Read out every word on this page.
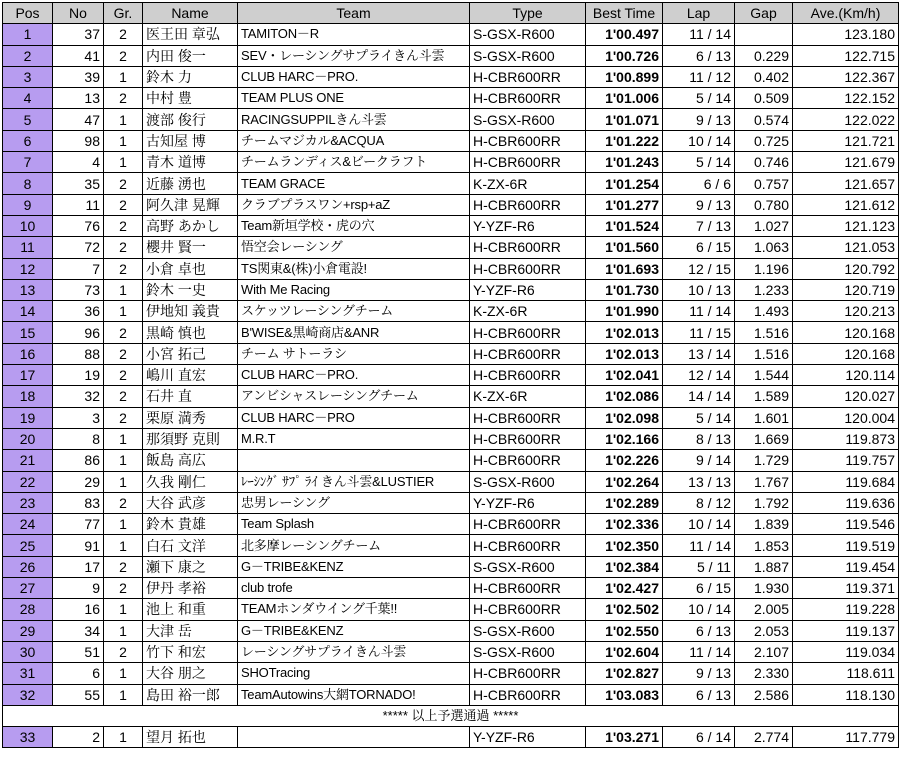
Pos	No	Gr.	Name	Team	Type	Best Time	Lap	Gap	Ave.(Km/h)
1	37	2	医王田 章弘	TAMITON－R	S-GSX-R600	1'00.497	11 / 14		123.180
2	41	2	内田 俊一	SEV・レーシングサプライきん斗雲	S-GSX-R600	1'00.726	6 / 13	0.229	122.715
3	39	1	鈴木 力	CLUB HARC－PRO.	H-CBR600RR	1'00.899	11 / 12	0.402	122.367
4	13	2	中村 豊	TEAM PLUS ONE	H-CBR600RR	1'01.006	5 / 14	0.509	122.152
5	47	1	渡部 俊行	RACINGSUPPILきん斗雲	S-GSX-R600	1'01.071	9 / 13	0.574	122.022
6	98	1	古知屋 博	チームマジカル&ACQUA	H-CBR600RR	1'01.222	10 / 14	0.725	121.721
7	4	1	青木 道博	チームランディス&ビークラフト	H-CBR600RR	1'01.243	5 / 14	0.746	121.679
8	35	2	近藤 湧也	TEAM GRACE	K-ZX-6R	1'01.254	6 / 6	0.757	121.657
9	11	2	阿久津 晃輝	クラブプラスワン+rsp+aZ	H-CBR600RR	1'01.277	9 / 13	0.780	121.612
10	76	2	高野 あかし	Team新垣学校・虎の穴	Y-YZF-R6	1'01.524	7 / 13	1.027	121.123
11	72	2	櫻井 賢一	悟空会レーシング	H-CBR600RR	1'01.560	6 / 15	1.063	121.053
12	7	2	小倉 卓也	TS関東&(株)小倉電設!	H-CBR600RR	1'01.693	12 / 15	1.196	120.792
13	73	1	鈴木 一史	With Me Racing	Y-YZF-R6	1'01.730	10 / 13	1.233	120.719
14	36	1	伊地知 義貴	スケッツレーシングチーム	K-ZX-6R	1'01.990	11 / 14	1.493	120.213
15	96	2	黒崎 慎也	B'WISE&黒崎商店&ANR	H-CBR600RR	1'02.013	11 / 15	1.516	120.168
16	88	2	小宮 拓己	チーム サトーラシ	H-CBR600RR	1'02.013	13 / 14	1.516	120.168
17	19	2	嶋川 直宏	CLUB HARC－PRO.	H-CBR600RR	1'02.041	12 / 14	1.544	120.114
18	32	2	石井 直	アンビシャスレーシングチーム	K-ZX-6R	1'02.086	14 / 14	1.589	120.027
19	3	2	栗原 満秀	CLUB HARC－PRO	H-CBR600RR	1'02.098	5 / 14	1.601	120.004
20	8	1	那須野 克則	M.R.T	H-CBR600RR	1'02.166	8 / 13	1.669	119.873
21	86	1	飯島 高広		H-CBR600RR	1'02.226	9 / 14	1.729	119.757
22	29	1	久我 剛仁	ﾚｰｼﾝｸﾞ ｻﾌﾟ ﾗｲ きん斗雲&LUSTIER	S-GSX-R600	1'02.264	13 / 13	1.767	119.684
23	83	2	大谷 武彦	忠男レーシング	Y-YZF-R6	1'02.289	8 / 12	1.792	119.636
24	77	1	鈴木 貴雄	Team Splash	H-CBR600RR	1'02.336	10 / 14	1.839	119.546
25	91	1	白石 文洋	北多摩レーシングチーム	H-CBR600RR	1'02.350	11 / 14	1.853	119.519
26	17	2	瀬下 康之	G－TRIBE&KENZ	S-GSX-R600	1'02.384	5 / 11	1.887	119.454
27	9	2	伊丹 孝裕	club trofe	H-CBR600RR	1'02.427	6 / 15	1.930	119.371
28	16	1	池上 和重	TEAMホンダウイング千葉!!	H-CBR600RR	1'02.502	10 / 14	2.005	119.228
29	34	1	大津 岳	G－TRIBE&KENZ	S-GSX-R600	1'02.550	6 / 13	2.053	119.137
30	51	2	竹下 和宏	レーシングサプライきん斗雲	S-GSX-R600	1'02.604	11 / 14	2.107	119.034
31	6	1	大谷 朋之	SHOTracing	H-CBR600RR	1'02.827	9 / 13	2.330	118.611
32	55	1	島田 裕一郎	TeamAutowins大網TORNADO!	H-CBR600RR	1'03.083	6 / 13	2.586	118.130
***** 以上予選通過 *****									
33	2	1	望月 拓也		Y-YZF-R6	1'03.271	6 / 14	2.774	117.779
